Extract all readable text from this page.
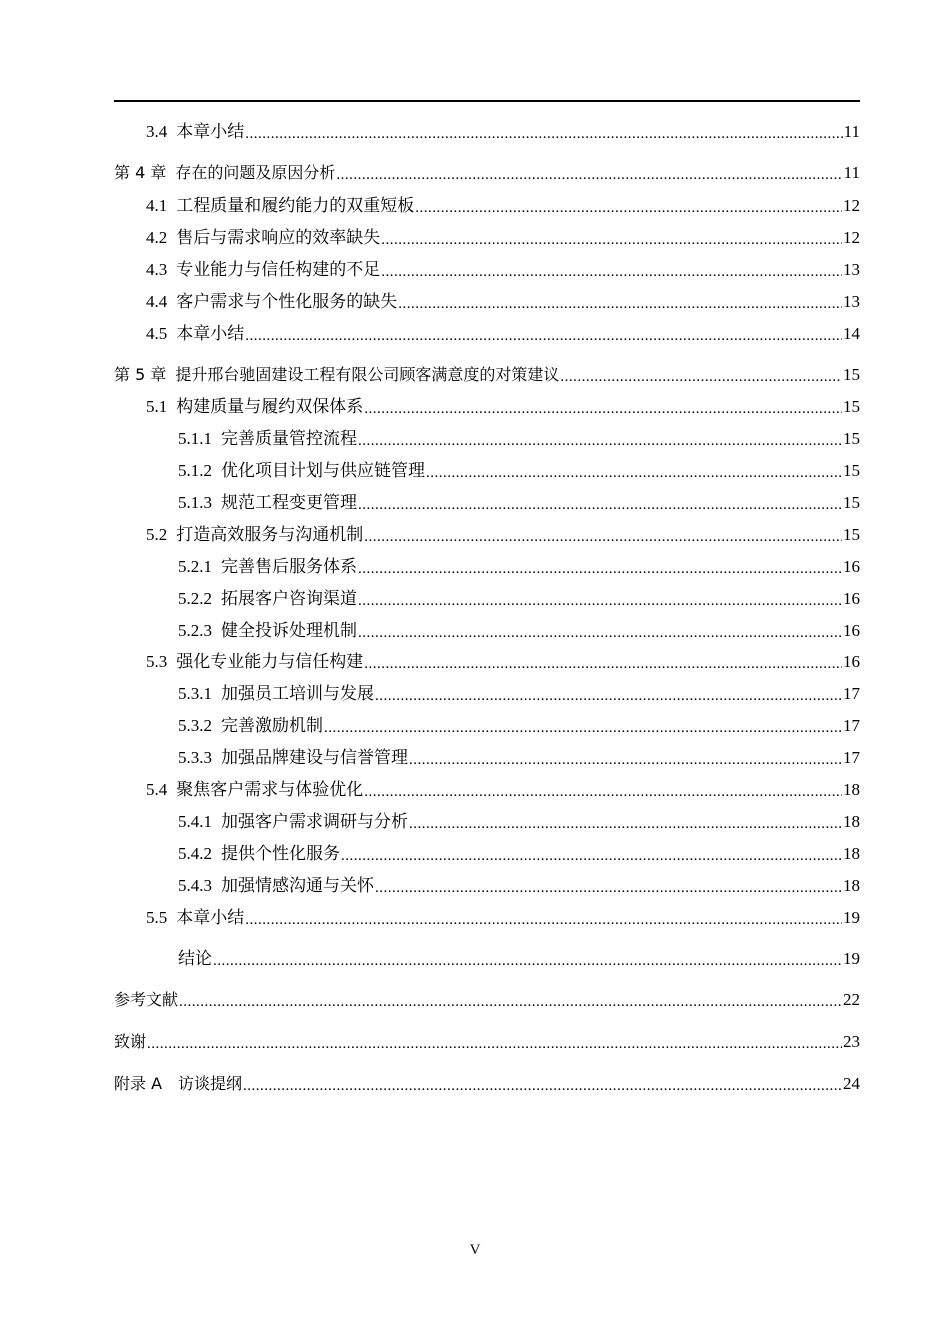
3.4 本章小结 .....	11
第 4 章 存在的问题及原因分析 .....	11
4.1 工程质量和履约能力的双重短板 .....	12
4.2 售后与需求响应的效率缺失 .....	12
4.3 专业能力与信任构建的不足 .....	13
4.4 客户需求与个性化服务的缺失 .....	13
4.5 本章小结 .....	14
第 5 章 提升邢台驰固建设工程有限公司顾客满意度的对策建议 .....	15
5.1 构建质量与履约双保体系 .....	15
5.1.1 完善质量管控流程 .....	15
5.1.2 优化项目计划与供应链管理 .....	15
5.1.3 规范工程变更管理 .....	15
5.2 打造高效服务与沟通机制 .....	15
5.2.1 完善售后服务体系 .....	16
5.2.2 拓展客户咨询渠道 .....	16
5.2.3 健全投诉处理机制 .....	16
5.3 强化专业能力与信任构建 .....	16
5.3.1 加强员工培训与发展 .....	17
5.3.2 完善激励机制 .....	17
5.3.3 加强品牌建设与信誉管理 .....	17
5.4 聚焦客户需求与体验优化 .....	18
5.4.1 加强客户需求调研与分析 .....	18
5.4.2 提供个性化服务 .....	18
5.4.3 加强情感沟通与关怀 .....	18
5.5 本章小结 .....	19
结论 .....	19
参考文献 .....	22
致谢 .....	23
附录 A　访谈提纲 .....	24
V
